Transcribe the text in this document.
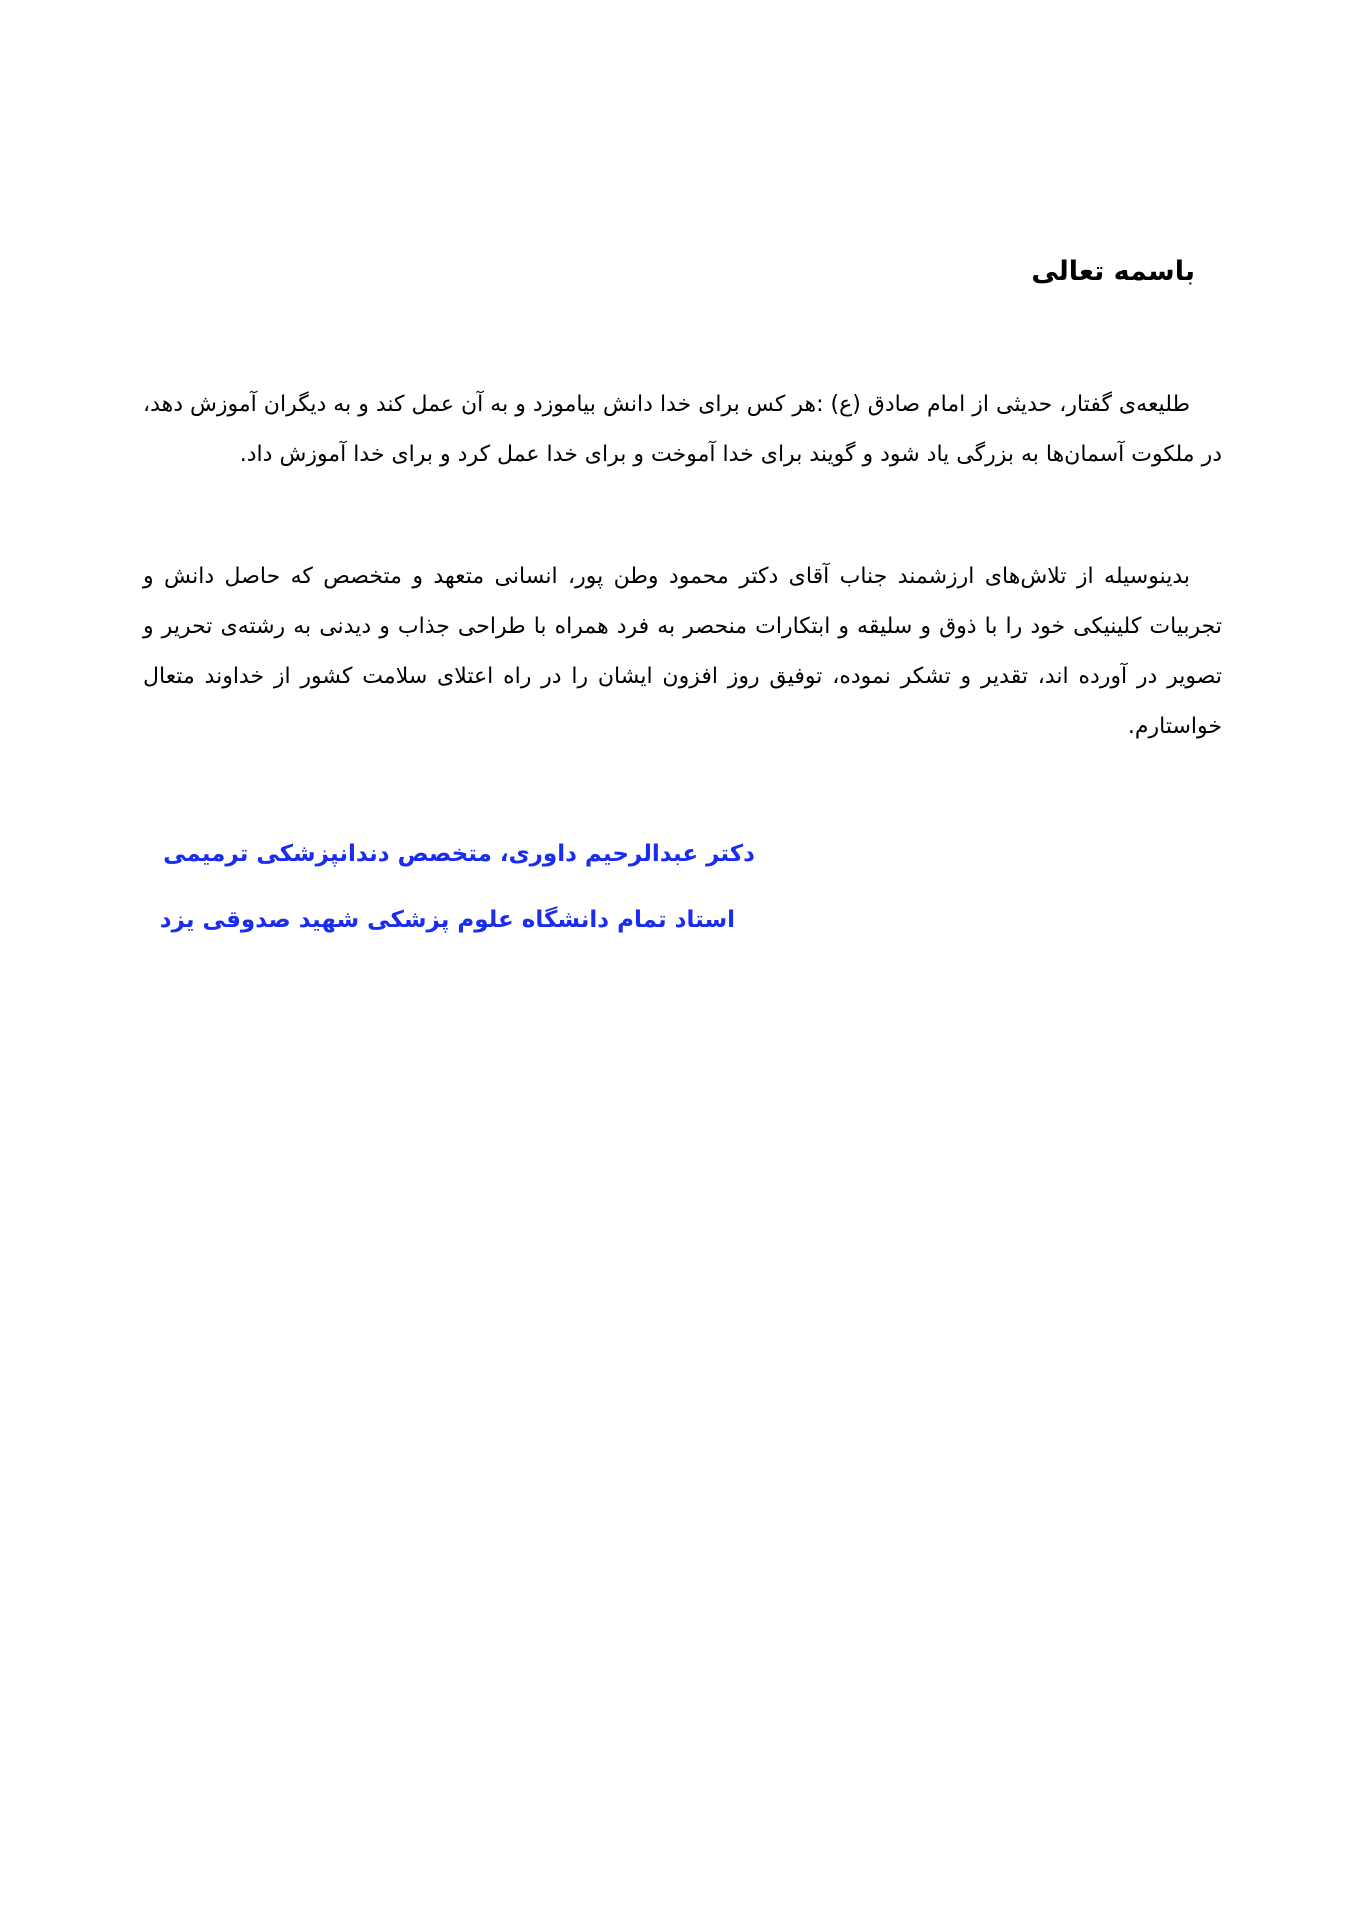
باسمه تعالی

طلیعه‌ی گفتار، حدیثی از امام صادق (ع) :هر کس برای خدا دانش بیاموزد و به آن عمل کند و به دیگران آموزش دهد، در ملکوت آسمان‌ها به بزرگی یاد شود و گویند برای خدا آموخت و برای خدا عمل کرد و برای خدا آموزش داد.

بدینوسیله از تلاش‌های ارزشمند جناب آقای دکتر محمود وطن پور، انسانی متعهد و متخصص که حاصل دانش و تجربیات کلینیکی خود را با ذوق و سلیقه و ابتکارات منحصر به فرد همراه با طراحی جذاب و دیدنی به رشته‌ی تحریر و تصویر در آورده اند، تقدیر و تشکر نموده، توفیق روز افزون ایشان را در راه اعتلای سلامت کشور از خداوند متعال خواستارم.

دکتر عبدالرحیم داوری، متخصص دندانپزشکی ترمیمی

استاد تمام دانشگاه علوم پزشکی شهید صدوقی یزد
